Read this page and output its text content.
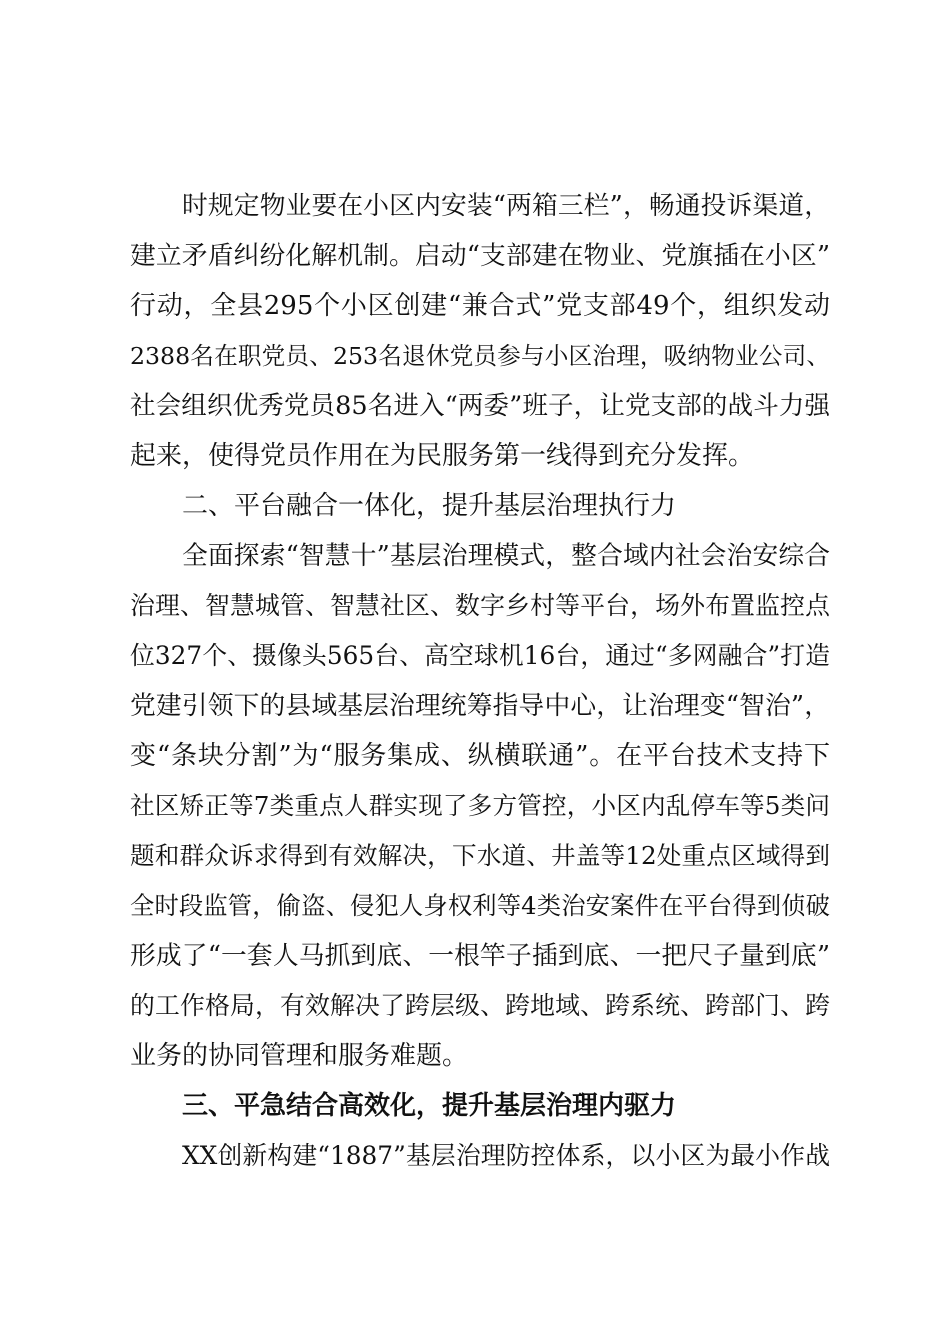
时规定物业要在小区内安装“两箱三栏”，畅通投诉渠道，
建立矛盾纠纷化解机制。启动“支部建在物业、党旗插在小区”
行动，全县295个小区创建“兼合式”党支部49个，组织发动
2388名在职党员、253名退休党员参与小区治理，吸纳物业公司、
社会组织优秀党员85名进入“两委”班子，让党支部的战斗力强
起来，使得党员作用在为民服务第一线得到充分发挥。
二、平台融合一体化，提升基层治理执行力
全面探索“智慧十”基层治理模式，整合域内社会治安综合
治理、智慧城管、智慧社区、数字乡村等平台，场外布置监控点
位327个、摄像头565台、高空球机16台，通过“多网融合”打造
党建引领下的县域基层治理统筹指导中心，让治理变“智治”，
变“条块分割”为“服务集成、纵横联通”。在平台技术支持下
社区矫正等7类重点人群实现了多方管控，小区内乱停车等5类问
题和群众诉求得到有效解决，下水道、井盖等12处重点区域得到
全时段监管，偷盗、侵犯人身权利等4类治安案件在平台得到侦破
形成了“一套人马抓到底、一根竿子插到底、一把尺子量到底”
的工作格局，有效解决了跨层级、跨地域、跨系统、跨部门、跨
业务的协同管理和服务难题。
三、平急结合高效化，提升基层治理内驱力
XX创新构建“1887”基层治理防控体系，以小区为最小作战
